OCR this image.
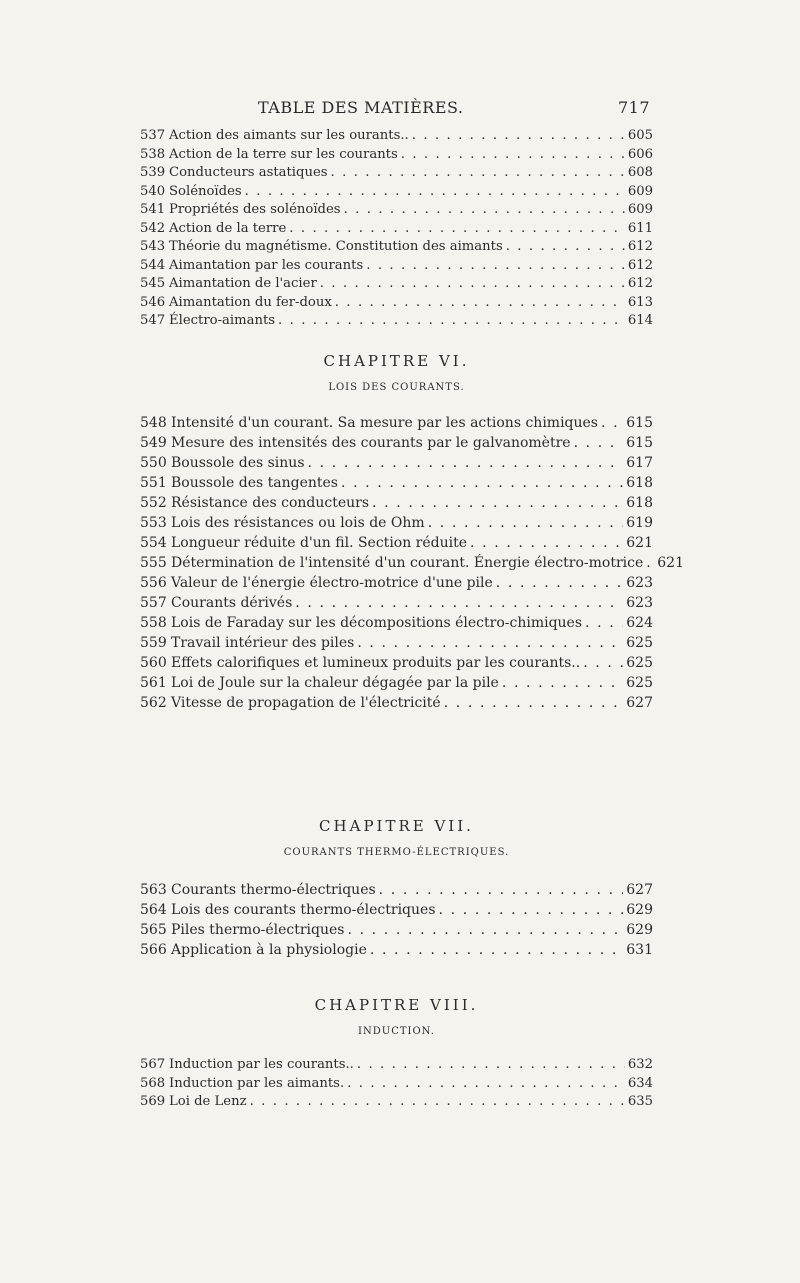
TABLE DES MATIÈRES.	717
537 Action des aimants sur les ourants.. . . .	605
538 Action de la terre sur les courants . . .	606
539 Conducteurs astatiques . . .	608
540 Solénoïdes . . .	609
541 Propriétés des solénoïdes . . .	609
542 Action de la terre . . .	611
543 Théorie du magnétisme. Constitution des aimants . . .	612
544 Aimantation par les courants . . .	612
545 Aimantation de l'acier . . .	612
546 Aimantation du fer-doux . . .	613
547 Électro-aimants . . .	614
CHAPITRE VI.
LOIS DES COURANTS.
548 Intensité d'un courant. Sa mesure par les actions chimiques . . . 615
549 Mesure des intensités des courants par le galvanomètre . . .	615
550 Boussole des sinus . . .	617
551 Boussole des tangentes . . .	618
552 Résistance des conducteurs . . .	618
553 Lois des résistances ou lois de Ohm . . .	619
554 Longueur réduite d'un fil. Section réduite . . .	621
555 Détermination de l'intensité d'un courant. Énergie électro-motrice . . . 621
556 Valeur de l'énergie électro-motrice d'une pile . . .	623
557 Courants dérivés . . .	623
558 Lois de Faraday sur les décompositions électro-chimiques . . .	624
559 Travail intérieur des piles . . .	625
560 Effets calorifiques et lumineux produits par les courants.. . . .	625
561 Loi de Joule sur la chaleur dégagée par la pile . . .	625
562 Vitesse de propagation de l'électricité . . .	627
CHAPITRE VII.
COURANTS THERMO-ÉLECTRIQUES.
563 Courants thermo-électriques . . .	627
564 Lois des courants thermo-électriques . . .	629
565 Piles thermo-électriques . . .	629
566 Application à la physiologie . . .	631
CHAPITRE VIII.
INDUCTION.
567 Induction par les courants.. . . .	632
568 Induction par les aimants. . . .	634
569 Loi de Lenz . . .	635
